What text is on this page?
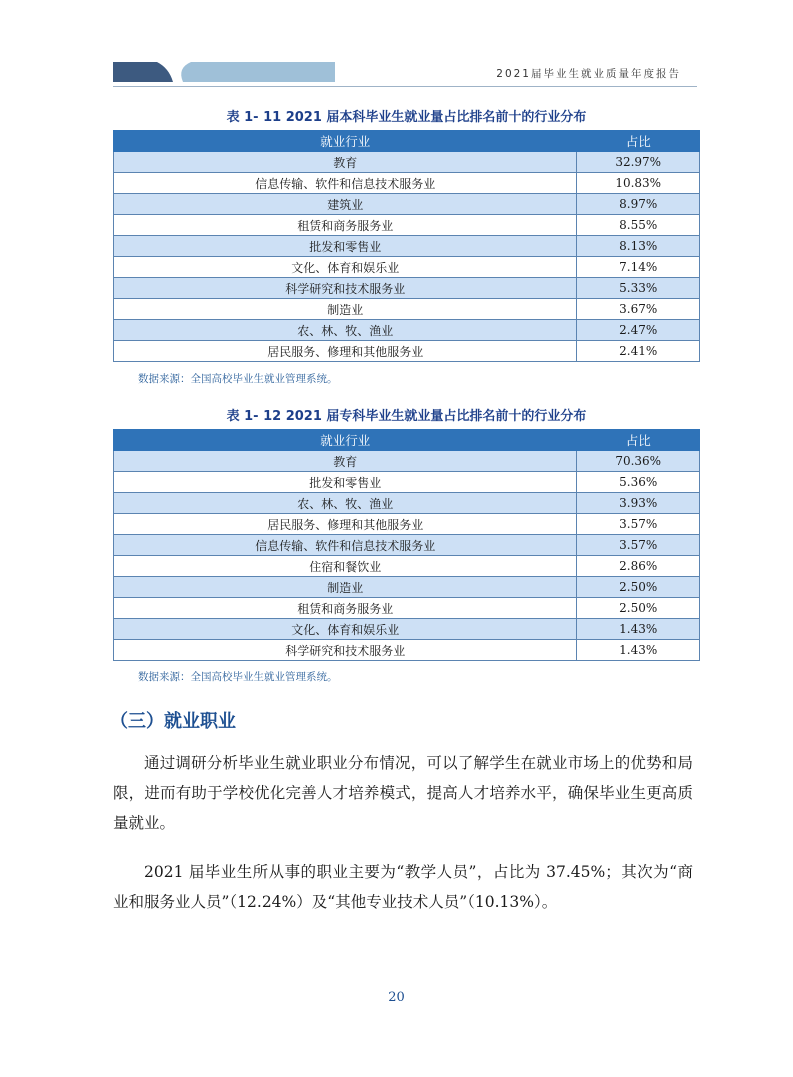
2021届毕业生就业质量年度报告
表 1- 11 2021 届本科毕业生就业量占比排名前十的行业分布
就业行业	占比
教育	32.97%
信息传输、软件和信息技术服务业	10.83%
建筑业	8.97%
租赁和商务服务业	8.55%
批发和零售业	8.13%
文化、体育和娱乐业	7.14%
科学研究和技术服务业	5.33%
制造业	3.67%
农、林、牧、渔业	2.47%
居民服务、修理和其他服务业	2.41%
数据来源：全国高校毕业生就业管理系统。
表 1- 12 2021 届专科毕业生就业量占比排名前十的行业分布
就业行业	占比
教育	70.36%
批发和零售业	5.36%
农、林、牧、渔业	3.93%
居民服务、修理和其他服务业	3.57%
信息传输、软件和信息技术服务业	3.57%
住宿和餐饮业	2.86%
制造业	2.50%
租赁和商务服务业	2.50%
文化、体育和娱乐业	1.43%
科学研究和技术服务业	1.43%
数据来源：全国高校毕业生就业管理系统。
（三）就业职业

通过调研分析毕业生就业职业分布情况，可以了解学生在就业市场上的优势和局限，进而有助于学校优化完善人才培养模式，提高人才培养水平，确保毕业生更高质量就业。

2021 届毕业生所从事的职业主要为“教学人员”，占比为 37.45%；其次为“商业和服务业人员”（12.24%）及“其他专业技术人员”（10.13%）。

20
